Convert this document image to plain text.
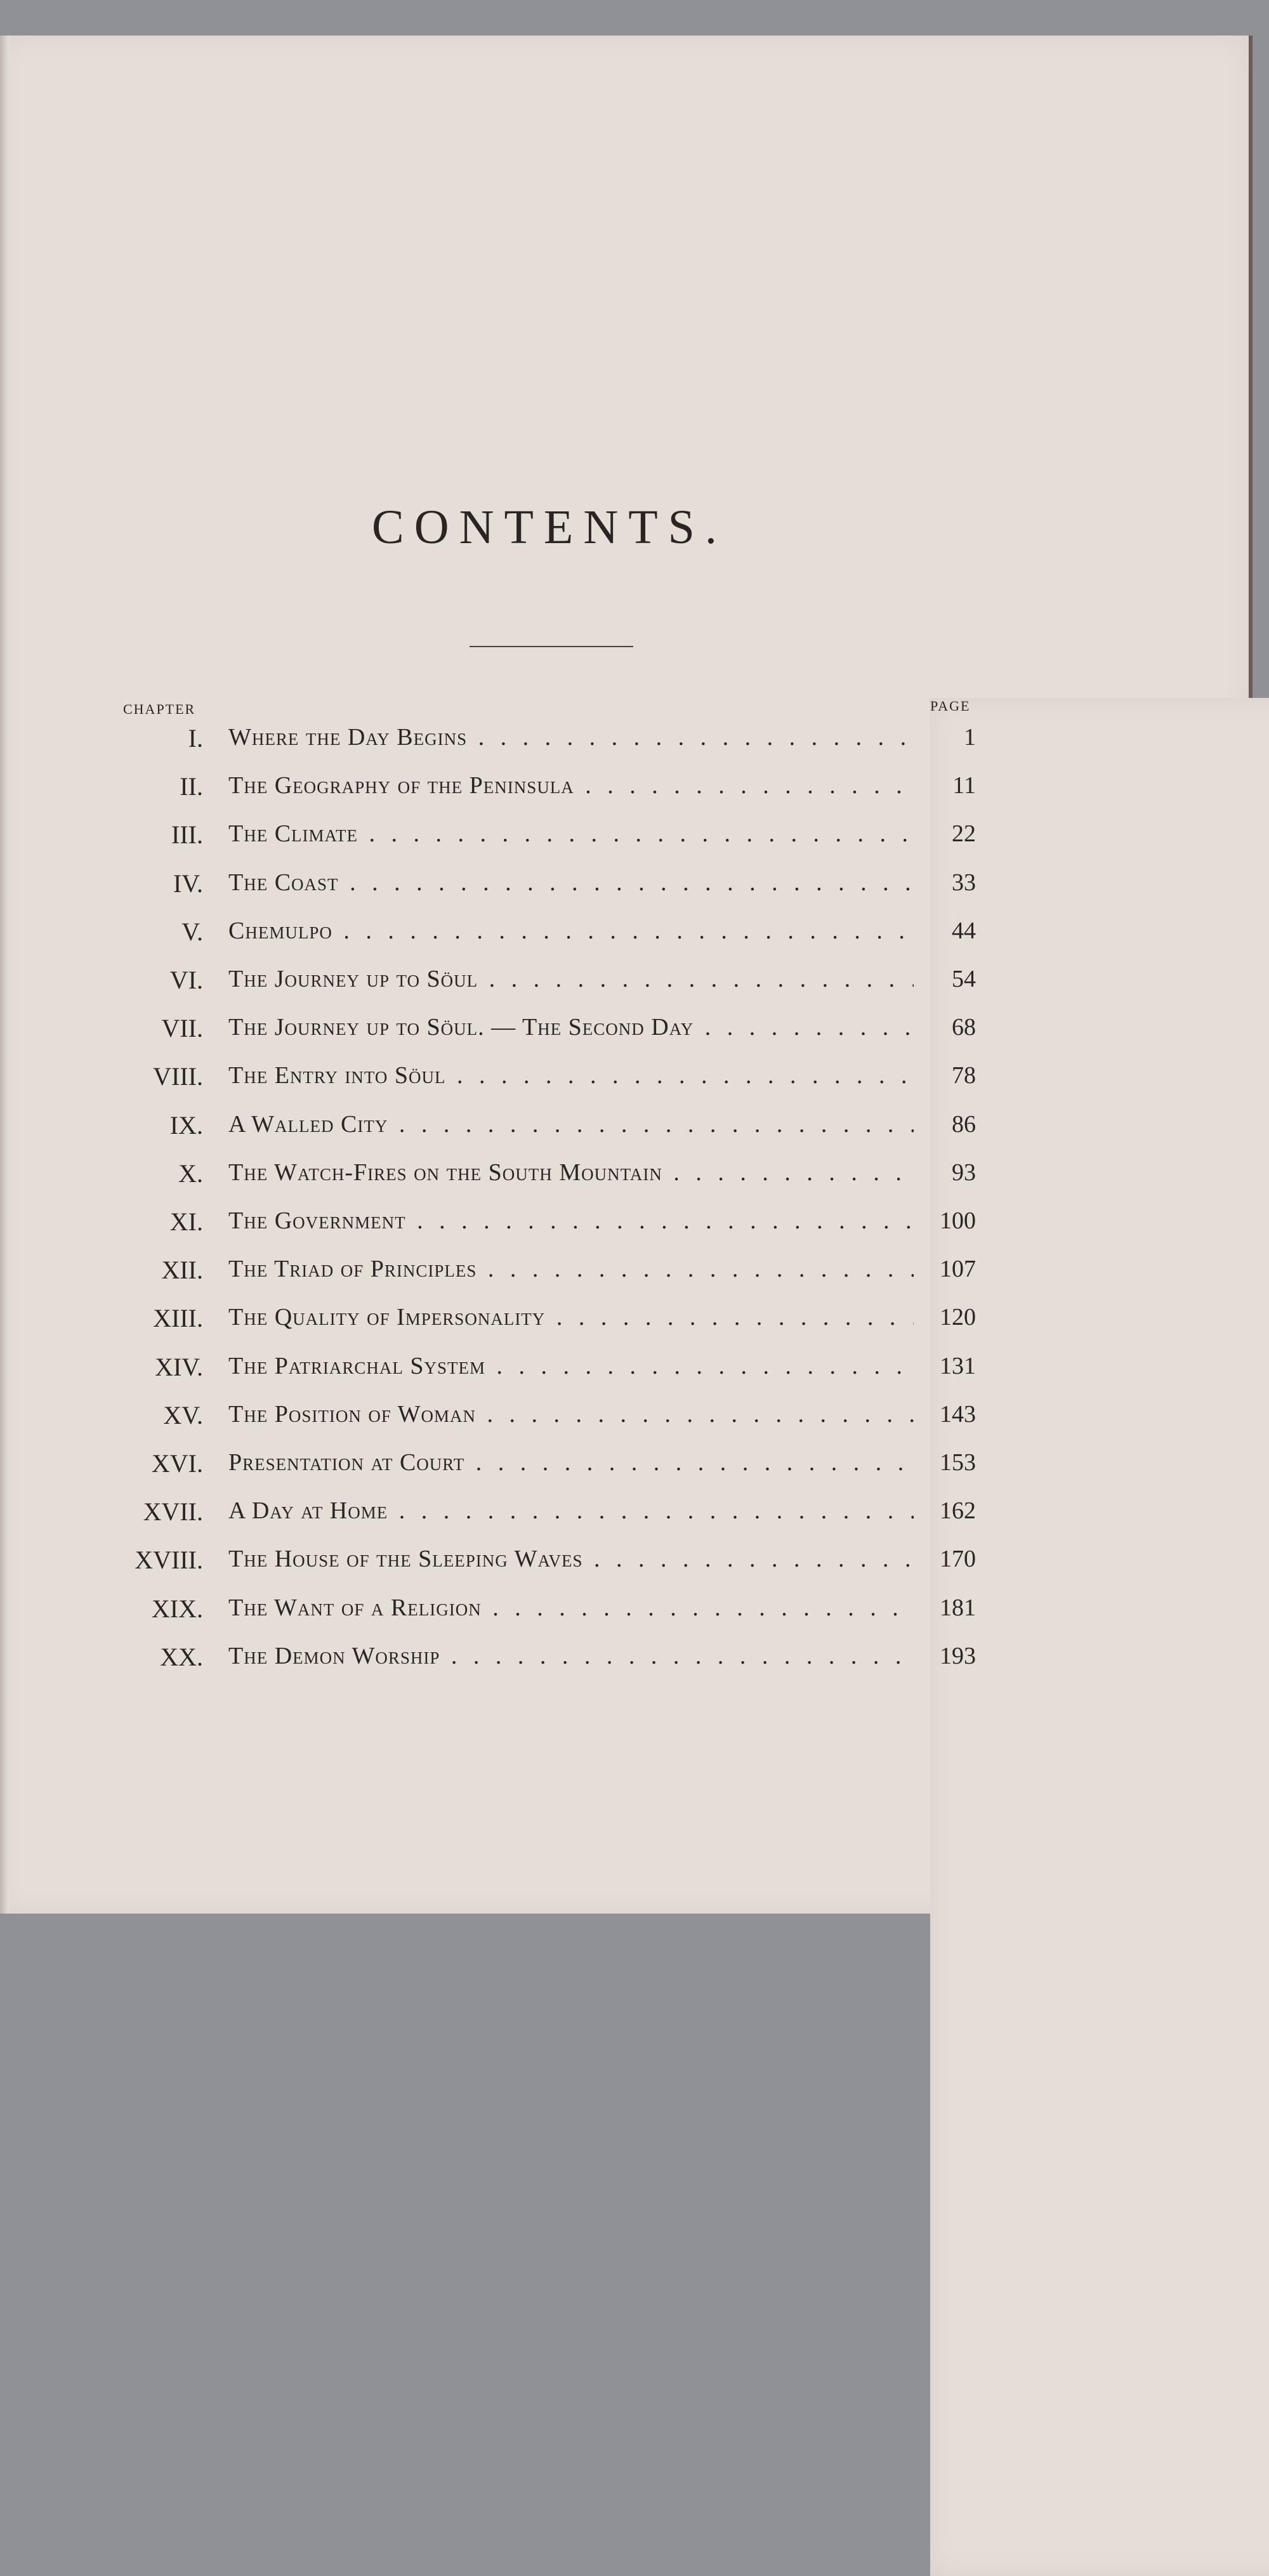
CONTENTS.
CHAPTER	PAGE
I. Where the Day Begins . . .	1
II. The Geography of the Peninsula . . .	11
III. The Climate . . .	22
IV. The Coast . . .	33
V. Chemulpo . . .	44
VI. The Journey up to Söul . . .	54
VII. The Journey up to Söul. — The Second Day . . .	68
VIII. The Entry into Söul . . .	78
IX. A Walled City . . .	86
X. The Watch-Fires on the South Mountain . . .	93
XI. The Government . . .	100
XII. The Triad of Principles . . .	107
XIII. The Quality of Impersonality . . .	120
XIV. The Patriarchal System . . .	131
XV. The Position of Woman . . .	143
XVI. Presentation at Court . . .	153
XVII. A Day at Home . . .	162
XVIII. The House of the Sleeping Waves . . .	170
XIX. The Want of a Religion . . .	181
XX. The Demon Worship . . .	193
